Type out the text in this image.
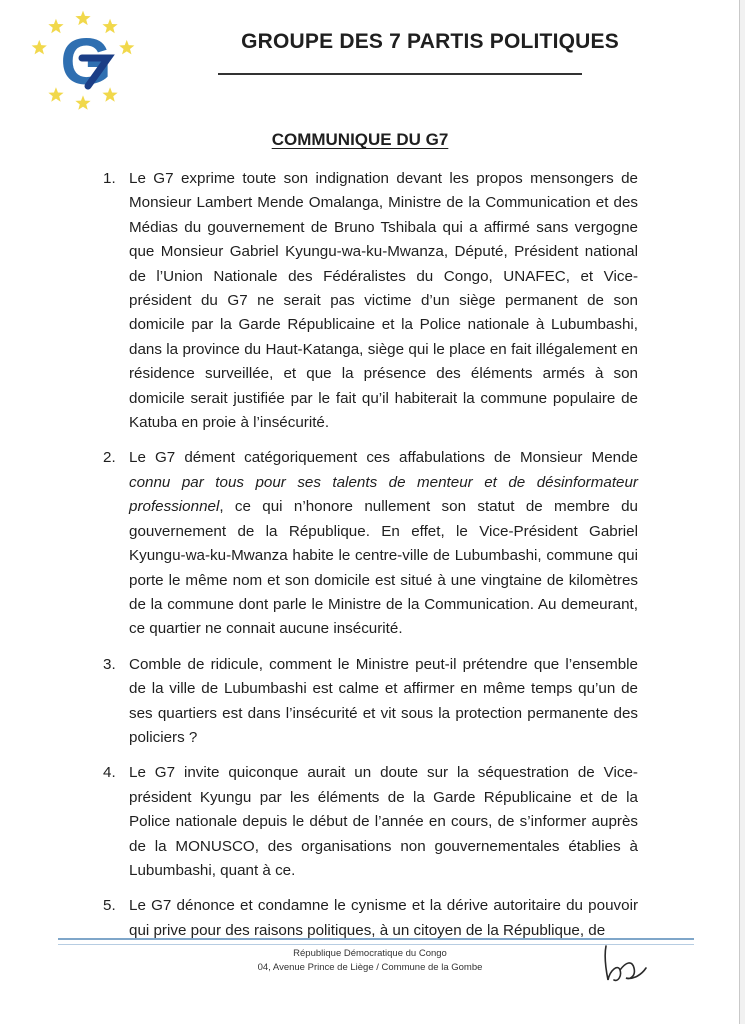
G	GROUPE DES 7 PARTIS POLITIQUES
COMMUNIQUE DU G7
1. Le G7 exprime toute son indignation devant les propos mensongers de Monsieur Lambert Mende Omalanga, Ministre de la Communication et des Médias du gouvernement de Bruno Tshibala qui a affirmé sans vergogne que Monsieur Gabriel Kyungu-wa-ku-Mwanza, Député, Président national de l’Union Nationale des Fédéralistes du Congo, UNAFEC, et Vice-président du G7 ne serait pas victime d’un siège permanent de son domicile par la Garde Républicaine et la Police nationale à Lubumbashi, dans la province du Haut-Katanga, siège qui le place en fait illégalement en résidence surveillée, et que la présence des éléments armés à son domicile serait justifiée par le fait qu’il habiterait la commune populaire de Katuba en proie à l’insécurité.
2. Le G7 dément catégoriquement ces affabulations de Monsieur Mende connu par tous pour ses talents de menteur et de désinformateur professionnel, ce qui n’honore nullement son statut de membre du gouvernement de la République. En effet, le Vice-Président Gabriel Kyungu-wa-ku-Mwanza habite le centre-ville de Lubumbashi, commune qui porte le même nom et son domicile est situé à une vingtaine de kilomètres de la commune dont parle le Ministre de la Communication. Au demeurant, ce quartier ne connait aucune insécurité.
3. Comble de ridicule, comment le Ministre peut-il prétendre que l’ensemble de la ville de Lubumbashi est calme et affirmer en même temps qu’un de ses quartiers est dans l’insécurité et vit sous la protection permanente des policiers ?
4. Le G7 invite quiconque aurait un doute sur la séquestration de Vice-président Kyungu par les éléments de la Garde Républicaine et de la Police nationale depuis le début de l’année en cours, de s’informer auprès de la MONUSCO, des organisations non gouvernementales établies à Lubumbashi, quant à ce.
5. Le G7 dénonce et condamne le cynisme et la dérive autoritaire du pouvoir qui prive pour des raisons politiques, à un citoyen de la République, de
République Démocratique du Congo
04, Avenue Prince de Liège / Commune de la Gombe
